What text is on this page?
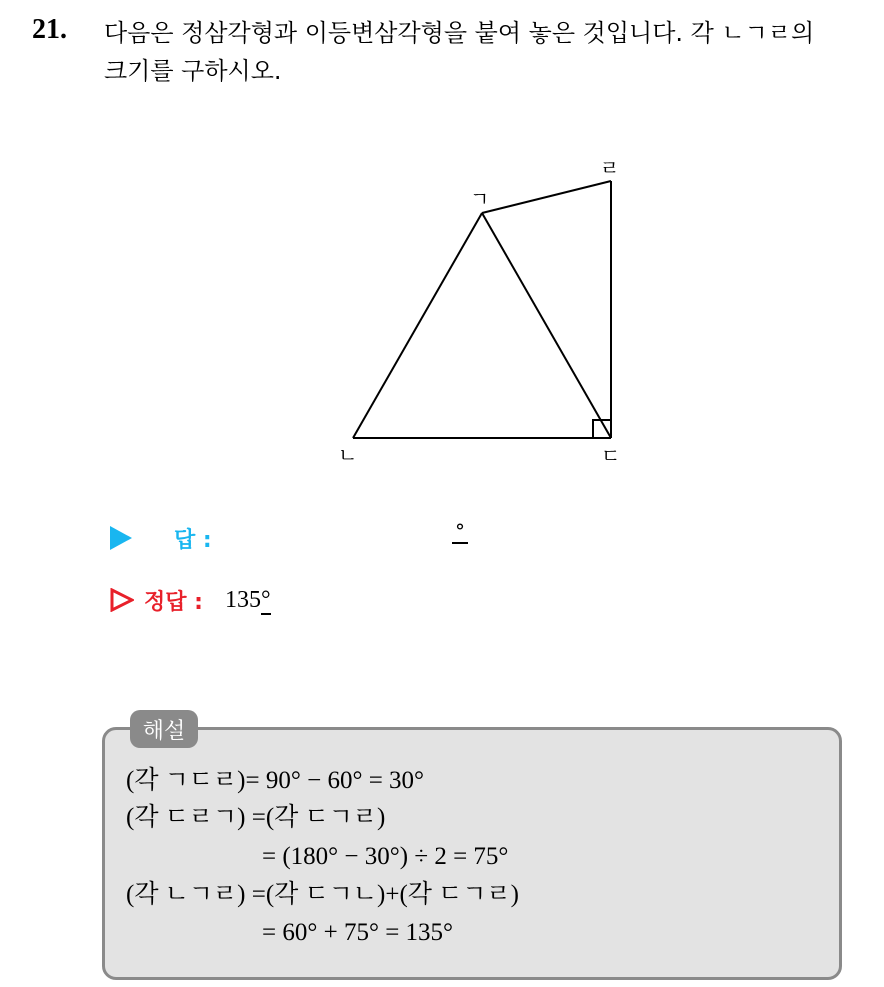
21. 다음은 정삼각형과 이등변삼각형을 붙여 놓은 것입니다. 각 ㄴㄱㄹ의
크기를 구하시오.
ㄱ
ㄴ	ㄷ
ㄹ
답 :	°
정답 : 135°
해설
(각 ㄱㄷㄹ)= 90° − 60° = 30°
(각 ㄷㄹㄱ) =(각 ㄷㄱㄹ)
= (180° − 30°) ÷ 2 = 75°
(각 ㄴㄱㄹ) =(각 ㄷㄱㄴ)+(각 ㄷㄱㄹ)
= 60° + 75° = 135°
